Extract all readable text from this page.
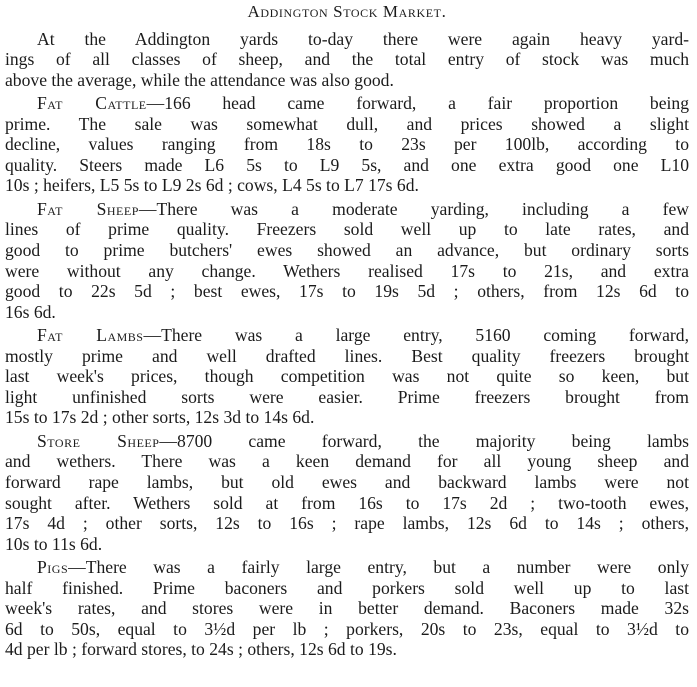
Addington Stock Market.
At the Addington yards to-day there were again heavy yard-
ings of all classes of sheep, and the total entry of stock was much
above the average, while the attendance was also good.
Fat Cattle—166 head came forward, a fair proportion being
prime. The sale was somewhat dull, and prices showed a slight
decline, values ranging from 18s to 23s per 100lb, according to
quality. Steers made L6 5s to L9 5s, and one extra good one L10
10s ; heifers, L5 5s to L9 2s 6d ; cows, L4 5s to L7 17s 6d.
Fat Sheep—There was a moderate yarding, including a few
lines of prime quality. Freezers sold well up to late rates, and
good to prime butchers' ewes showed an advance, but ordinary sorts
were without any change. Wethers realised 17s to 21s, and extra
good to 22s 5d ; best ewes, 17s to 19s 5d ; others, from 12s 6d to
16s 6d.
Fat Lambs—There was a large entry, 5160 coming forward,
mostly prime and well drafted lines. Best quality freezers brought
last week's prices, though competition was not quite so keen, but
light unfinished sorts were easier. Prime freezers brought from
15s to 17s 2d ; other sorts, 12s 3d to 14s 6d.
Store Sheep—8700 came forward, the majority being lambs
and wethers. There was a keen demand for all young sheep and
forward rape lambs, but old ewes and backward lambs were not
sought after. Wethers sold at from 16s to 17s 2d ; two-tooth ewes,
17s 4d ; other sorts, 12s to 16s ; rape lambs, 12s 6d to 14s ; others,
10s to 11s 6d.
Pigs—There was a fairly large entry, but a number were only
half finished. Prime baconers and porkers sold well up to last
week's rates, and stores were in better demand. Baconers made 32s
6d to 50s, equal to 3½d per lb ; porkers, 20s to 23s, equal to 3½d to
4d per lb ; forward stores, to 24s ; others, 12s 6d to 19s.
